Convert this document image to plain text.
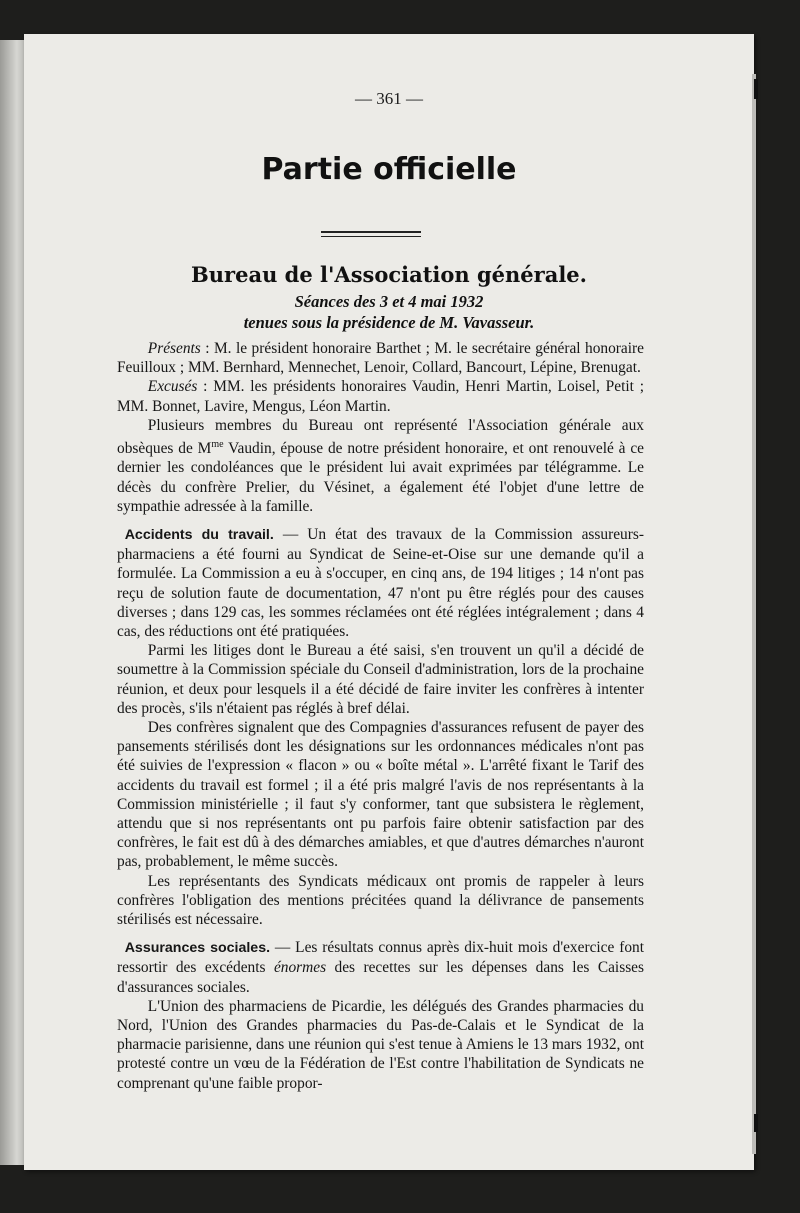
— 361 —
Partie officielle
Bureau de l'Association générale.
Séances des 3 et 4 mai 1932
tenues sous la présidence de M. Vavasseur.

Présents : M. le président honoraire Barthet ; M. le secrétaire général honoraire Feuilloux ; MM. Bernhard, Mennechet, Lenoir, Collard, Bancourt, Lépine, Brenugat.

Excusés : MM. les présidents honoraires Vaudin, Henri Martin, Loisel, Petit ; MM. Bonnet, Lavire, Mengus, Léon Martin.

Plusieurs membres du Bureau ont représenté l'Association générale aux obsèques de $M^{me}$ Vaudin, épouse de notre président honoraire, et ont renouvelé à ce dernier les condoléances que le président lui avait exprimées par télégramme. Le décès du confrère Prelier, du Vésinet, a également été l'objet d'une lettre de sympathie adressée à la famille.

Accidents du travail. — Un état des travaux de la Commission assureurs-pharmaciens a été fourni au Syndicat de Seine-et-Oise sur une demande qu'il a formulée. La Commission a eu à s'occuper, en cinq ans, de 194 litiges ; 14 n'ont pas reçu de solution faute de documentation, 47 n'ont pu être réglés pour des causes diverses ; dans 129 cas, les sommes réclamées ont été réglées intégralement ; dans 4 cas, des réductions ont été pratiquées.

Parmi les litiges dont le Bureau a été saisi, s'en trouvent un qu'il a décidé de soumettre à la Commission spéciale du Conseil d'administration, lors de la prochaine réunion, et deux pour lesquels il a été décidé de faire inviter les confrères à intenter des procès, s'ils n'étaient pas réglés à bref délai.

Des confrères signalent que des Compagnies d'assurances refusent de payer des pansements stérilisés dont les désignations sur les ordonnances médicales n'ont pas été suivies de l'expression « flacon » ou « boîte métal ». L'arrêté fixant le Tarif des accidents du travail est formel ; il a été pris malgré l'avis de nos représentants à la Commission ministérielle ; il faut s'y conformer, tant que subsistera le règlement, attendu que si nos représentants ont pu parfois faire obtenir satisfaction par des confrères, le fait est dû à des démarches amiables, et que d'autres démarches n'auront pas, probablement, le même succès.

Les représentants des Syndicats médicaux ont promis de rappeler à leurs confrères l'obligation des mentions précitées quand la délivrance de pansements stérilisés est nécessaire.

Assurances sociales. — Les résultats connus après dix-huit mois d'exercice font ressortir des excédents énormes des recettes sur les dépenses dans les Caisses d'assurances sociales.

L'Union des pharmaciens de Picardie, les délégués des Grandes pharmacies du Nord, l'Union des Grandes pharmacies du Pas-de-Calais et le Syndicat de la pharmacie parisienne, dans une réunion qui s'est tenue à Amiens le 13 mars 1932, ont protesté contre un vœu de la Fédération de l'Est contre l'habilitation de Syndicats ne comprenant qu'une faible propor-
